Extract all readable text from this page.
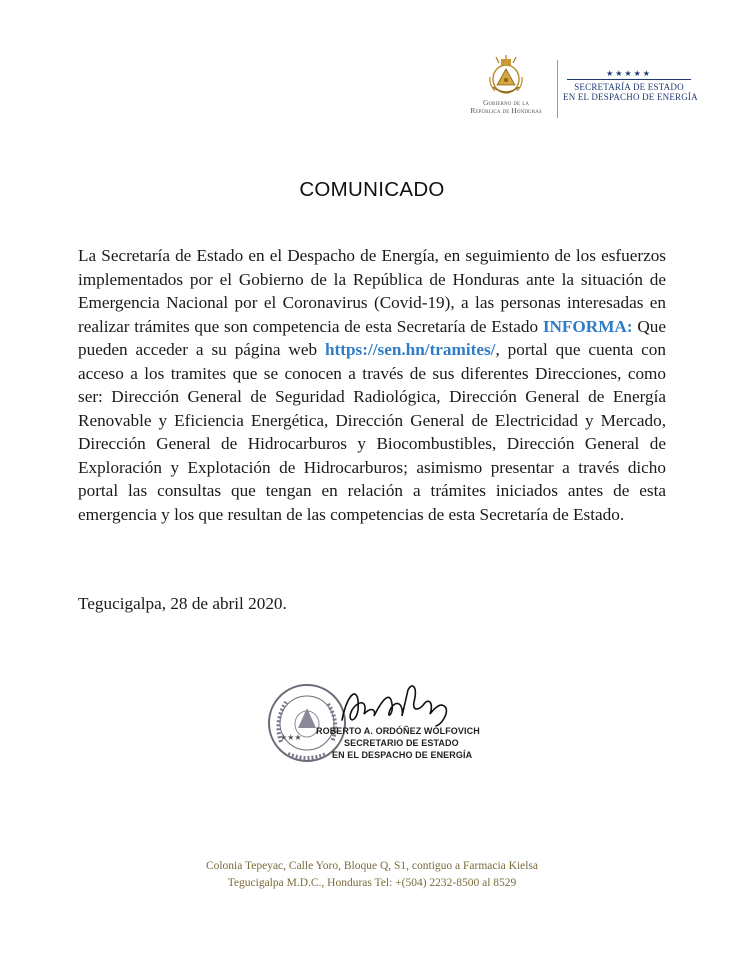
Gobierno de la
República de Honduras
★★★★★
SECRETARÍA DE ESTADO
EN EL DESPACHO DE ENERGÍA
COMUNICADO

La Secretaría de Estado en el Despacho de Energía, en seguimiento de los esfuerzos implementados por el Gobierno de la República de Honduras ante la situación de Emergencia Nacional por el Coronavirus (Covid-19), a las personas interesadas en realizar trámites que son competencia de esta Secretaría de Estado INFORMA: Que pueden acceder a su página web https://sen.hn/tramites/, portal que cuenta con acceso a los tramites que se conocen a través de sus diferentes Direcciones, como ser: Dirección General de Seguridad Radiológica, Dirección General de Energía Renovable y Eficiencia Energética, Dirección General de Electricidad y Mercado, Dirección General de Hidrocarburos y Biocombustibles, Dirección General de Exploración y Explotación de Hidrocarburos; asimismo presentar a través dicho portal las consultas que tengan en relación a trámites iniciados antes de esta emergencia y los que resultan de las competencias de esta Secretaría de Estado.

Tegucigalpa, 28 de abril 2020.
★★★
ROBERTO A. ORDÓÑEZ WOLFOVICH
SECRETARIO DE ESTADO
EN EL DESPACHO DE ENERGÍA
Colonia Tepeyac, Calle Yoro, Bloque Q, S1, contiguo a Farmacia Kielsa
Tegucigalpa M.D.C., Honduras Tel: +(504) 2232-8500 al 8529
